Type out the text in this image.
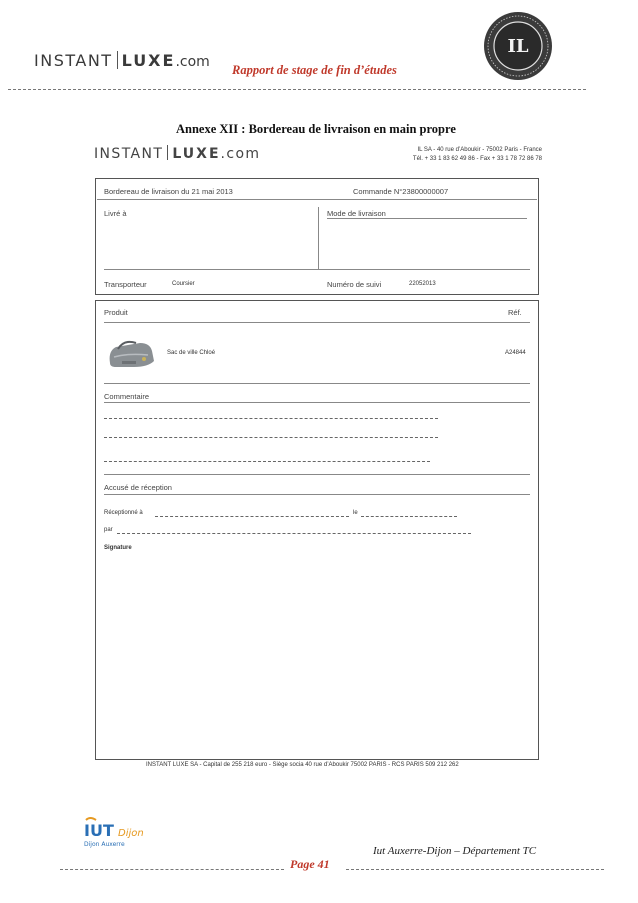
INSTANT LUXE.com Rapport de stage de fin d’études
IL
Annexe XII : Bordereau de livraison en main propre
INSTANT LUXE.com	IL SA - 40 rue d’Aboukir - 75002 Paris - France
Tél. + 33 1 83 62 49 86 - Fax + 33 1 78 72 86 78
Bordereau de livraison du 21 mai 2013	Commande N°23800000007
Livré à	Mode de livraison
Transporteur	Coursier	Numéro de suivi	22052013
Produit	Réf.
Sac de ville Chloé	A24844
Commentaire
Accusé de réception
Réceptionné à	le
par
Signature
INSTANT LUXE SA - Capital de 255 218 euro - Siège socia 40 rue d’Aboukir 75002 PARIS - RCS PARIS 509 212 262
IUT Dijon
Dijon Auxerre
Iut Auxerre-Dijon – Département TC
Page 41
